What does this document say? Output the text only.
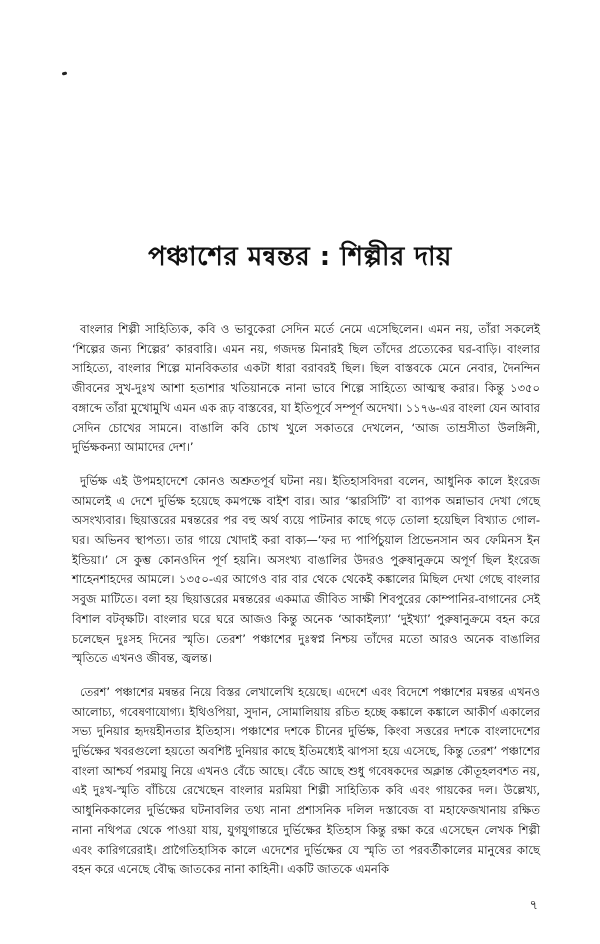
পঞ্চাশের মন্বন্তর : শিল্পীর দায়

বাংলার শিল্পী সাহিত্যিক, কবি ও ভাবুকেরা সেদিন মর্তে নেমে এসেছিলেন। এমন নয়, তাঁরা সকলেই ‘শিল্পের জন্য শিল্পের’ কারবারি। এমন নয়, গজদন্ত মিনারই ছিল তাঁদের প্রত্যেকের ঘর-বাড়ি। বাংলার সাহিত্যে, বাংলার শিল্পে মানবিকতার একটা ধারা বরাবরই ছিল। ছিল বাস্তবকে মেনে নেবার, দৈনন্দিন জীবনের সুখ-দুঃখ আশা হতাশার খতিয়ানকে নানা ভাবে শিল্পে সাহিত্যে আত্মস্থ করার। কিন্তু ১৩৫০ বঙ্গাব্দে তাঁরা মুখোমুখি এমন এক রূঢ় বাস্তবের, যা ইতিপূর্বে সম্পূর্ণ অদেখা। ১১৭৬-এর বাংলা যেন আবার সেদিন চোখের সামনে। বাঙালি কবি চোখ খুলে সকাতরে দেখলেন, ‘আজ তাম্রসীতা উলঙ্গিনী, দুর্ভিক্ষকন্যা আমাদের দেশ।’

দুর্ভিক্ষ এই উপমহাদেশে কোনও অশ্রুতপূর্ব ঘটনা নয়। ইতিহাসবিদরা বলেন, আধুনিক কালে ইংরেজ আমলেই এ দেশে দুর্ভিক্ষ হয়েছে কমপক্ষে বাইশ বার। আর ‘স্কারসিটি’ বা ব্যাপক অন্নাভাব দেখা গেছে অসংখ্যবার। ছিয়াত্তরের মন্বন্তরের পর বহু অর্থ ব্যয়ে পাটনার কাছে গড়ে তোলা হয়েছিল বিখ্যাত গোল-ঘর। অভিনব স্থাপত্য। তার গায়ে খোদাই করা বাক্য—‘ফর দ্য পার্পিচুয়াল প্রিভেনসান অব ফেমিনস ইন ইন্ডিয়া।’ সে কুম্ভ কোনওদিন পূর্ণ হয়নি। অসংখ্য বাঙালির উদরও পুরুষানুক্রমে অপূর্ণ ছিল ইংরেজ শাহেনশাহদের আমলে। ১৩৫০-এর আগেও বার বার থেকে থেকেই কঙ্কালের মিছিল দেখা গেছে বাংলার সবুজ মাটিতে। বলা হয় ছিয়াত্তরের মন্বন্তরের একমাত্র জীবিত সাক্ষী শিবপুরের কোম্পানির-বাগানের সেই বিশাল বটবৃক্ষটি। বাংলার ঘরে ঘরে আজও কিন্তু অনেক ‘আকাইল্যা’ ‘দুইখ্যা’ পুরুষানুক্রমে বহন করে চলেছেন দুঃসহ দিনের স্মৃতি। তেরশ’ পঞ্চাশের দুঃস্বপ্ন নিশ্চয় তাঁদের মতো আরও অনেক বাঙালির স্মৃতিতে এখনও জীবন্ত, জ্বলন্ত।

তেরশ’ পঞ্চাশের মন্বন্তর নিয়ে বিস্তর লেখালেখি হয়েছে। এদেশে এবং বিদেশে পঞ্চাশের মন্বন্তর এখনও আলোচ্য, গবেষণাযোগ্য। ইথিওপিয়া, সুদান, সোমালিয়ায় রচিত হচ্ছে কঙ্কালে কঙ্কালে আকীর্ণ একালের সভ্য দুনিয়ার হৃদয়হীনতার ইতিহাস। পঞ্চাশের দশকে চীনের দুর্ভিক্ষ, কিংবা সত্তরের দশকে বাংলাদেশের দুর্ভিক্ষের খবরগুলো হয়তো অবশিষ্ট দুনিয়ার কাছে ইতিমধ্যেই ঝাপসা হয়ে এসেছে, কিন্তু তেরশ’ পঞ্চাশের বাংলা আশ্চর্য পরমায়ু নিয়ে এখনও বেঁচে আছে। বেঁচে আছে শুধু গবেষকদের অক্লান্ত কৌতূহলবশত নয়, এই দুঃখ-স্মৃতি বাঁচিয়ে রেখেছেন বাংলার মরমিয়া শিল্পী সাহিত্যিক কবি এবং গায়কের দল। উল্লেখ্য, আধুনিককালের দুর্ভিক্ষের ঘটনাবলির তথ্য নানা প্রশাসনিক দলিল দস্তাবেজ বা মহাফেজখানায় রক্ষিত নানা নথিপত্র থেকে পাওয়া যায়, যুগযুগান্তরে দুর্ভিক্ষের ইতিহাস কিন্তু রক্ষা করে এসেছেন লেখক শিল্পী এবং কারিগরেরাই। প্রাগৈতিহাসিক কালে এদেশের দুর্ভিক্ষের যে স্মৃতি তা পরবর্তীকালের মানুষের কাছে বহন করে এনেছে বৌদ্ধ জাতকের নানা কাহিনী। একটি জাতকে এমনকি

৭
